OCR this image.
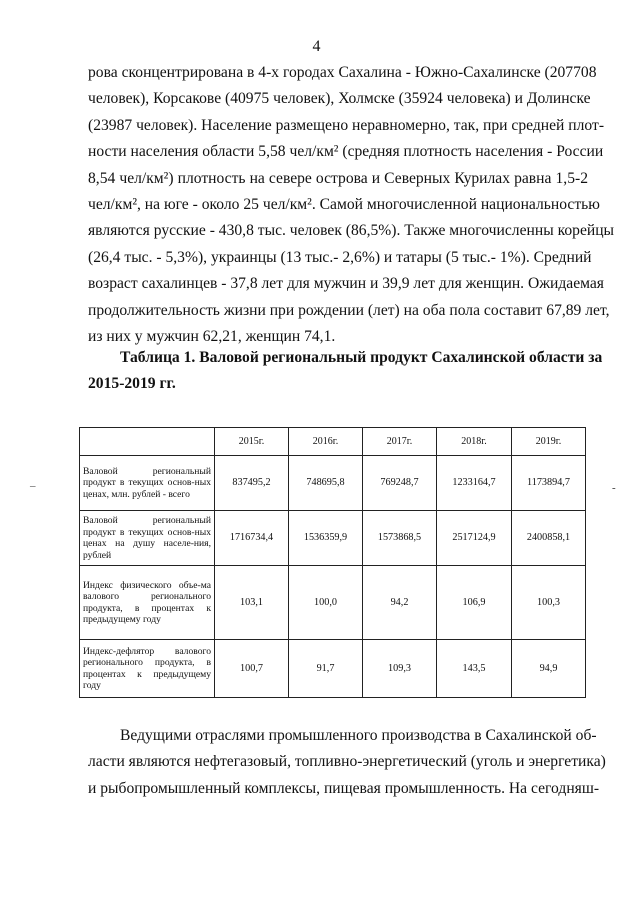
4
рова сконцентрирована в 4-х городах Сахалина - Южно-Сахалинске (207708
человек), Корсакове (40975 человек), Холмске (35924 человека) и Долинске
(23987 человек). Население размещено неравномерно, так, при средней плот-
ности населения области 5,58 чел/км² (средняя плотность населения - России
8,54 чел/км²) плотность на севере острова и Северных Курилах равна 1,5-2
чел/км², на юге - около 25 чел/км². Самой многочисленной национальностью
являются русские - 430,8 тыс. человек (86,5%). Также многочисленны корейцы
(26,4 тыс. - 5,3%), украинцы (13 тыс.- 2,6%) и татары (5 тыс.- 1%). Средний
возраст сахалинцев - 37,8 лет для мужчин и 39,9 лет для женщин. Ожидаемая
продолжительность жизни при рождении (лет) на оба пола составит 67,89 лет,
из них у мужчин 62,21, женщин 74,1.
Таблица 1. Валовой региональный продукт Сахалинской области за
2015-2019 гг.
	2015г.	2016г.	2017г.	2018г.	2019г.
Валовой региональный продукт в текущих основ-ных ценах, млн. рублей - всего	837495,2	748695,8	769248,7	1233164,7	1173894,7
Валовой региональный продукт в текущих основ-ных ценах на душу населе-ния, рублей	1716734,4	1536359,9	1573868,5	2517124,9	2400858,1
Индекс физического объе-ма валового регионального продукта, в процентах к предыдущему году	103,1	100,0	94,2	106,9	100,3
Индекс-дефлятор валового регионального продукта, в процентах к предыдущему году	100,7	91,7	109,3	143,5	94,9
Ведущими отраслями промышленного производства в Сахалинской об-
ласти являются нефтегазовый, топливно-энергетический (уголь и энергетика)
и рыбопромышленный комплексы, пищевая промышленность. На сегодняш-
–	-
